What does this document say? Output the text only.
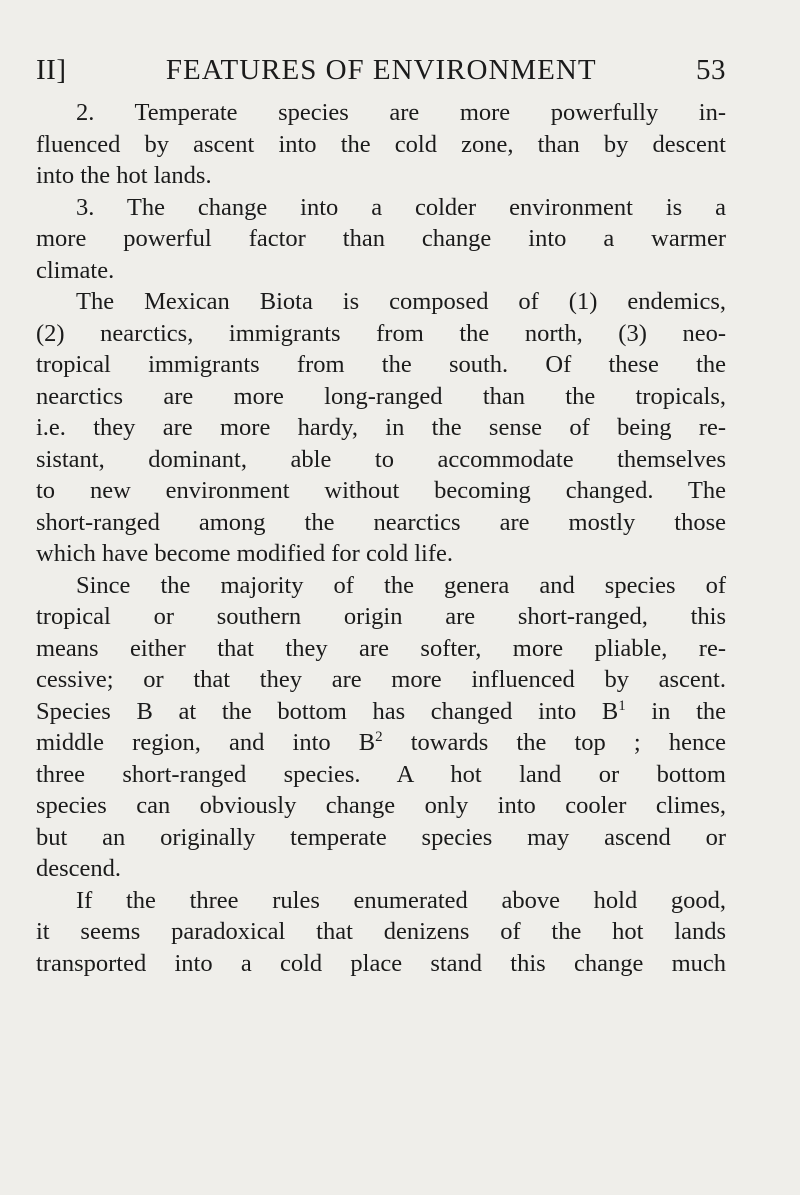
II]	FEATURES OF ENVIRONMENT	53
2. Temperate species are more powerfully in-
fluenced by ascent into the cold zone, than by descent
into the hot lands.
3. The change into a colder environment is a
more powerful factor than change into a warmer
climate.
The Mexican Biota is composed of (1) endemics,
(2) nearctics, immigrants from the north, (3) neo-
tropical immigrants from the south. Of these the
nearctics are more long-ranged than the tropicals,
i.e. they are more hardy, in the sense of being re-
sistant, dominant, able to accommodate themselves
to new environment without becoming changed. The
short-ranged among the nearctics are mostly those
which have become modified for cold life.
Since the majority of the genera and species of
tropical or southern origin are short-ranged, this
means either that they are softer, more pliable, re-
cessive; or that they are more influenced by ascent.
Species B at the bottom has changed into $B^1$ in the
middle region, and into $B^2$ towards the top ; hence
three short-ranged species. A hot land or bottom
species can obviously change only into cooler climes,
but an originally temperate species may ascend or
descend.
If the three rules enumerated above hold good,
it seems paradoxical that denizens of the hot lands
transported into a cold place stand this change much
